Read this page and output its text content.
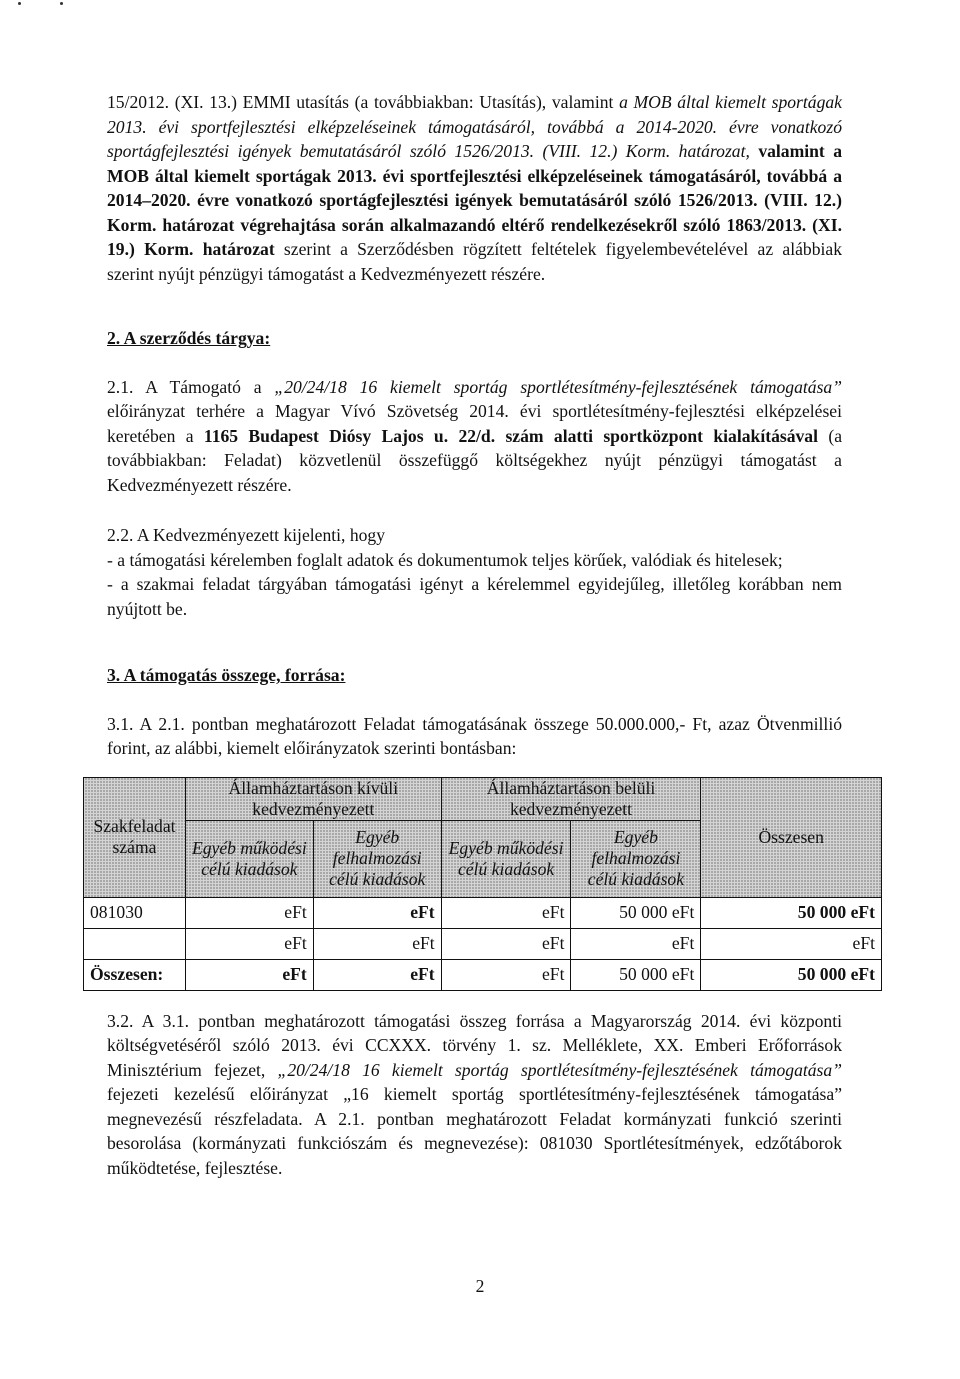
15/2012. (XI. 13.) EMMI utasítás (a továbbiakban: Utasítás), valamint a MOB által kiemelt sportágak 2013. évi sportfejlesztési elképzeléseinek támogatásáról, továbbá a 2014-2020. évre vonatkozó sportágfejlesztési igények bemutatásáról szóló 1526/2013. (VIII. 12.) Korm. határozat, valamint a MOB által kiemelt sportágak 2013. évi sportfejlesztési elképzeléseinek támogatásáról, továbbá a 2014–2020. évre vonatkozó sportágfejlesztési igények bemutatásáról szóló 1526/2013. (VIII. 12.) Korm. határozat végrehajtása során alkalmazandó eltérő rendelkezésekről szóló 1863/2013. (XI. 19.) Korm. határozat szerint a Szerződésben rögzített feltételek figyelembevételével az alábbiak szerint nyújt pénzügyi támogatást a Kedvezményezett részére.

2. A szerződés tárgya:

2.1. A Támogató a „20/24/18 16 kiemelt sportág sportlétesítmény-fejlesztésének támogatása” előirányzat terhére a Magyar Vívó Szövetség 2014. évi sportlétesítmény-fejlesztési elképzelései keretében a 1165 Budapest Diósy Lajos u. 22/d. szám alatti sportközpont kialakításával (a továbbiakban: Feladat) közvetlenül összefüggő költségekhez nyújt pénzügyi támogatást a Kedvezményezett részére.

2.2. A Kedvezményezett kijelenti, hogy

- a támogatási kérelemben foglalt adatok és dokumentumok teljes körűek, valódiak és hitelesek;

- a szakmai feladat tárgyában támogatási igényt a kérelemmel egyidejűleg, illetőleg korábban nem nyújtott be.

3. A támogatás összege, forrása:

3.1. A 2.1. pontban meghatározott Feladat támogatásának összege 50.000.000,- Ft, azaz Ötvenmillió forint, az alábbi, kiemelt előirányzatok szerinti bontásban:

Szakfeladat száma	Államháztartáson kívüli kedvezményezett		Államháztartáson belüli kedvezményezett		Összesen
	Egyéb működési célú kiadások	Egyéb felhalmozási célú kiadások	Egyéb működési célú kiadások	Egyéb felhalmozási célú kiadások	
081030	eFt	eFt	eFt	50 000 eFt	50 000 eFt
	eFt	eFt	eFt	eFt	eFt
Összesen:	eFt	eFt	eFt	50 000 eFt	50 000 eFt

3.2. A 3.1. pontban meghatározott támogatási összeg forrása a Magyarország 2014. évi központi költségvetéséről szóló 2013. évi CCXXX. törvény 1. sz. Melléklete, XX. Emberi Erőforrások Minisztérium fejezet, „20/24/18 16 kiemelt sportág sportlétesítmény-fejlesztésének támogatása” fejezeti kezelésű előirányzat „16 kiemelt sportág sportlétesítmény-fejlesztésének támogatása” megnevezésű részfeladata. A 2.1. pontban meghatározott Feladat kormányzati funkció szerinti besorolása (kormányzati funkciószám és megnevezése): 081030 Sportlétesítmények, edzőtáborok működtetése, fejlesztése.

2
